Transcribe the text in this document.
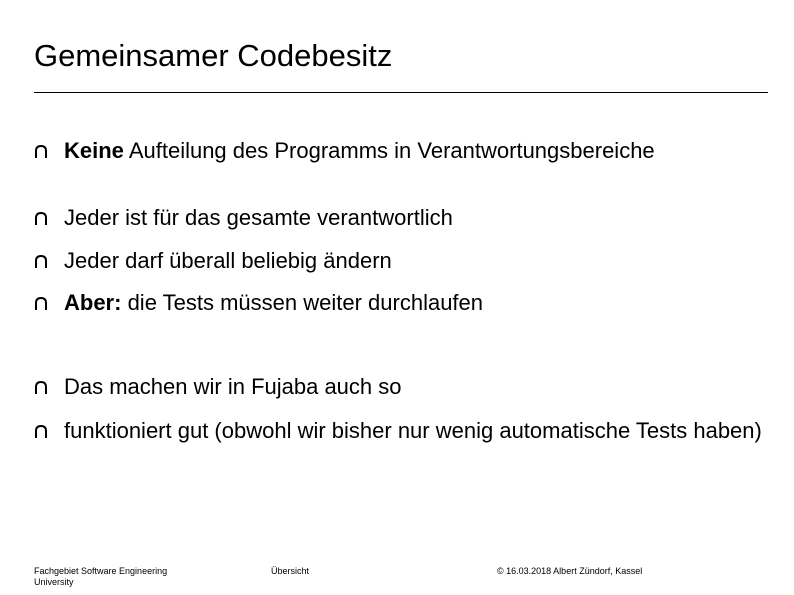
Gemeinsamer Codebesitz
Keine Aufteilung des Programms in Verantwortungsbereiche
Jeder ist für das gesamte verantwortlich
Jeder darf überall beliebig ändern
Aber: die Tests müssen weiter durchlaufen
Das machen wir in Fujaba auch so
funktioniert gut (obwohl wir bisher nur wenig automatische Tests haben)
Fachgebiet Software Engineering
University
Übersicht	© 16.03.2018 Albert Zündorf, Kassel
